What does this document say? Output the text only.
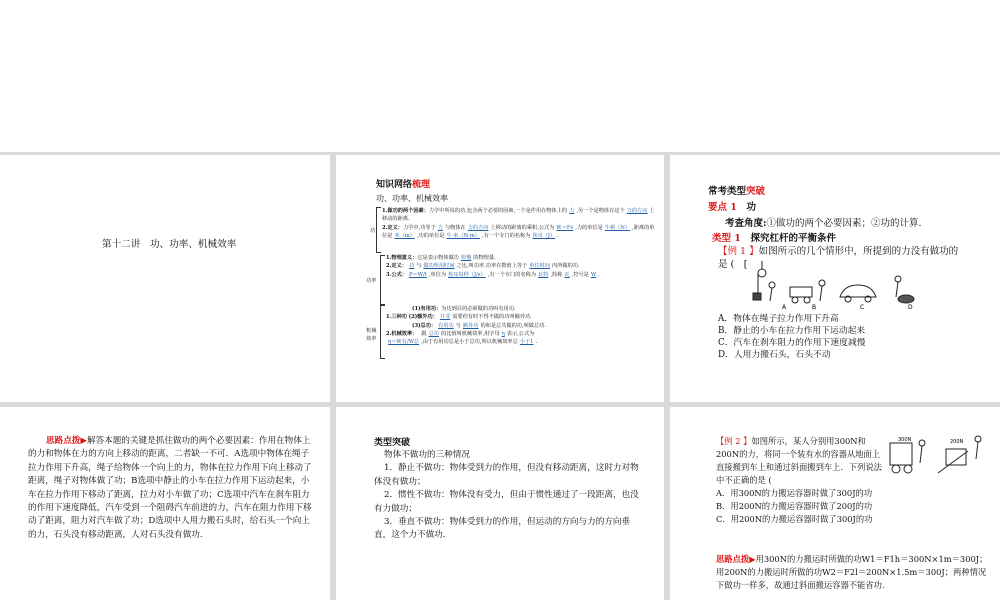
第十二讲　功、功率、机械效率
知识网络梳理
功、功率、机械效率
功
1.做功的两个因素：力学中所说的功,包含两个必要的因素,一个是作用在物体上的 力 ,另一个是物体在这个 力的方向 上移动的距离.
2.定义：力学中,功等于 力 与物体在 力的方向 上移动的距离的乘积,公式为 W＝Fs ,力的单位是 牛顿（N） ,距离的单位是 米（m） ,功的单位是 牛·米（N·m） ,有一个专门的名称为 焦耳（J） .
功率
1.物理意义：它是表示物体做功 快慢 的物理量.
2.定义： 功 与 做功所用时间 之比,叫功率.功率在数值上等于 单位时间 内所做的功.
3.公式： P＝W/t ,单位为 焦耳每秒（J/s） ,有一个专门的名称为 瓦特 ,简称 瓦 ,符号是 W .
机械效率
(1)有用功：为达到目的必须做的功叫有用功.
1.三种功 (2)额外功： 并非 需要但有时不得不做的功叫额外功.
(3)总功： 有用功 与 额外功 的和是总共做的功,叫做总功.
2.机械效率： 跟 总功 的比值叫机械效率,用字母 η 表示,公式为
η＝W有/W总 ,由于有用功总是小于总功,所以机械效率总 小于1 .
常考类型突破
要点 1　 功
考查角度:①做功的两个必要因素；②功的计算.
类型 1　 探究杠杆的平衡条件
【例 1 】如图所示的几个情形中，所提到的力没有做功的
是 (　[
A	B	C	D
A．物体在绳子拉力作用下升高
B．静止的小车在拉力作用下运动起来
C．汽车在刹车阻力的作用下速度减慢
D．人用力搬石头，石头不动
思路点拨▶解答本题的关键是抓住做功的两个必要因素：作用在物体上的力和物体在力的方向上移动的距离，二者缺一不可．A选项中物体在绳子拉力作用下升高，绳子给物体一个向上的力，物体在拉力作用下向上移动了距离，绳子对物体做了功；B选项中静止的小车在拉力作用下运动起来，小车在拉力作用下移动了距离，拉力对小车做了功；C选项中汽车在刹车阻力的作用下速度降低，汽车受到一个阻碍汽车前进的力，汽车在阻力作用下移动了距离，阻力对汽车做了功；D选项中人用力搬石头时，给石头一个向上的力，石头没有移动距离，人对石头没有做功.
类型突破
物体不做功的三种情况
1．静止不做功：物体受到力的作用，但没有移动距离，这时力对物体没有做功；
2．惯性不做功：物体没有受力，但由于惯性通过了一段距离，也没有力做功；
3．垂直不做功：物体受到力的作用，但运动的方向与力的方向垂直，这个力不做功．
【例 2 】如图所示，某人分别用300N和200N的力，将同一个装有水的容器从地面上直接搬到车上和通过斜面搬到车上．下列说法中不正确的是 (
300N	200N
A．用300N的力搬运容器时做了300J的功
B．用200N的力搬运容器时做了200J的功
C．用200N的力搬运容器时做了300J的功
思路点拨▶用300N的力搬运时所做的功W1＝F1h＝300N×1m＝300J；用200N的力搬运时所做的功W2＝F2l＝200N×1.5m＝300J；两种情况下做功一样多，故通过斜面搬运容器不能省功.
